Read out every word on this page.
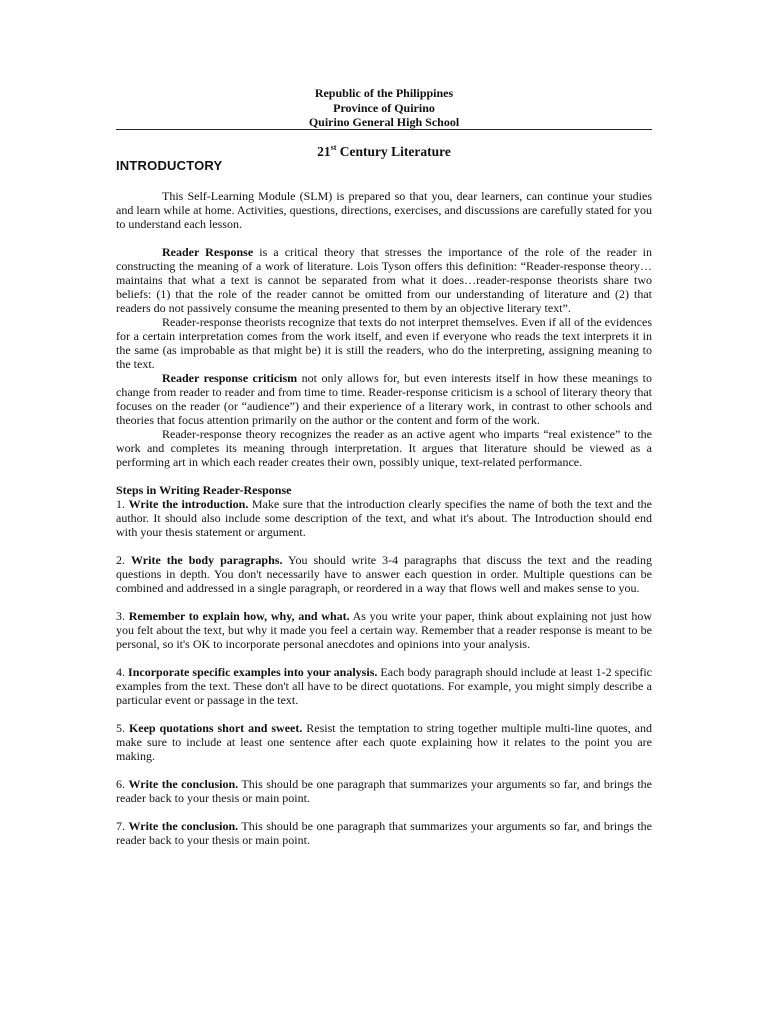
Republic of the Philippines
Province of Quirino
Quirino General High School
21st Century Literature
INTRODUCTORY

This Self-Learning Module (SLM) is prepared so that you, dear learners, can continue your studies and learn while at home. Activities, questions, directions, exercises, and discussions are carefully stated for you to understand each lesson.

Reader Response is a critical theory that stresses the importance of the role of the reader in constructing the meaning of a work of literature. Lois Tyson offers this definition: “Reader-response theory…maintains that what a text is cannot be separated from what it does…reader-response theorists share two beliefs: (1) that the role of the reader cannot be omitted from our understanding of literature and (2) that readers do not passively consume the meaning presented to them by an objective literary text”.

Reader-response theorists recognize that texts do not interpret themselves. Even if all of the evidences for a certain interpretation comes from the work itself, and even if everyone who reads the text interprets it in the same (as improbable as that might be) it is still the readers, who do the interpreting, assigning meaning to the text.

Reader response criticism not only allows for, but even interests itself in how these meanings to change from reader to reader and from time to time. Reader-response criticism is a school of literary theory that focuses on the reader (or “audience”) and their experience of a literary work, in contrast to other schools and theories that focus attention primarily on the author or the content and form of the work.

Reader-response theory recognizes the reader as an active agent who imparts “real existence” to the work and completes its meaning through interpretation. It argues that literature should be viewed as a performing art in which each reader creates their own, possibly unique, text-related performance.

Steps in Writing Reader-Response

1. Write the introduction. Make sure that the introduction clearly specifies the name of both the text and the author. It should also include some description of the text, and what it's about. The Introduction should end with your thesis statement or argument.

2. Write the body paragraphs. You should write 3-4 paragraphs that discuss the text and the reading questions in depth. You don't necessarily have to answer each question in order. Multiple questions can be combined and addressed in a single paragraph, or reordered in a way that flows well and makes sense to you.

3. Remember to explain how, why, and what. As you write your paper, think about explaining not just how you felt about the text, but why it made you feel a certain way. Remember that a reader response is meant to be personal, so it's OK to incorporate personal anecdotes and opinions into your analysis.

4. Incorporate specific examples into your analysis. Each body paragraph should include at least 1-2 specific examples from the text. These don't all have to be direct quotations. For example, you might simply describe a particular event or passage in the text.

5. Keep quotations short and sweet. Resist the temptation to string together multiple multi-line quotes, and make sure to include at least one sentence after each quote explaining how it relates to the point you are making.

6. Write the conclusion. This should be one paragraph that summarizes your arguments so far, and brings the reader back to your thesis or main point.

7. Write the conclusion. This should be one paragraph that summarizes your arguments so far, and brings the reader back to your thesis or main point.
